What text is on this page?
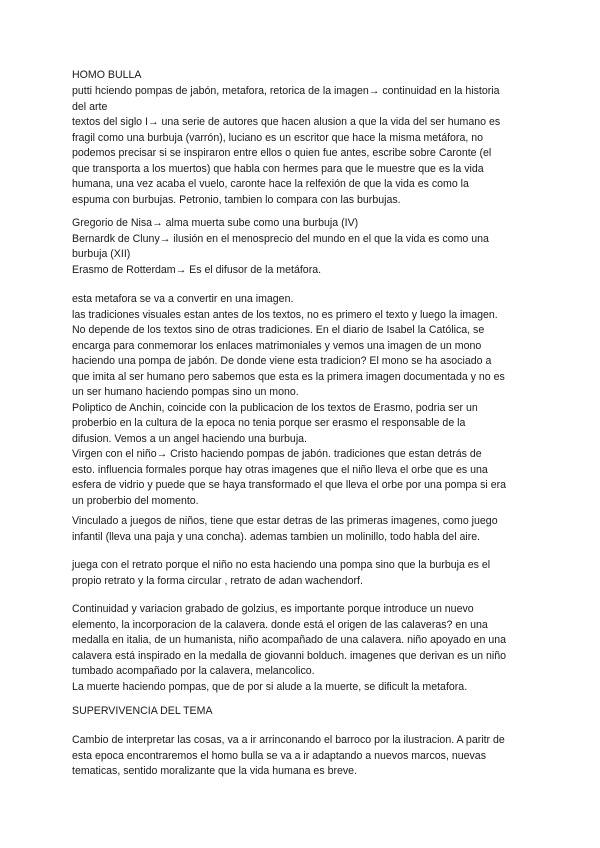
HOMO BULLA
putti hciendo pompas de jabón, metafora, retorica de la imagen→ continuidad en la historia
del arte
textos del siglo I→ una serie de autores que hacen alusion a que la vida del ser humano es
fragil como una burbuja (varrón), luciano es un escritor que hace la misma metáfora, no
podemos precisar si se inspiraron entre ellos o quien fue antes, escribe sobre Caronte (el
que transporta a los muertos) que habla con hermes para que le muestre que es la vida
humana, una vez acaba el vuelo, caronte hace la relfexión de que la vida es como la
espuma con burbujas. Petronio, tambien lo compara con las burbujas.
Gregorio de Nisa→ alma muerta sube como una burbuja (IV)
Bernardk de Cluny→ ilusión en el menosprecio del mundo en el que la vida es como una
burbuja (XII)
Erasmo de Rotterdam→ Es el difusor de la metáfora.
esta metafora se va a convertir en una imagen.
las tradiciones visuales estan antes de los textos, no es primero el texto y luego la imagen.
No depende de los textos sino de otras tradiciones. En el diario de Isabel la Católica, se
encarga para conmemorar los enlaces matrimoniales y vemos una imagen de un mono
haciendo una pompa de jabón. De donde viene esta tradicion? El mono se ha asociado a
que imita al ser humano pero sabemos que esta es la primera imagen documentada y no es
un ser humano haciendo pompas sino un mono.
Poliptico de Anchin, coincide con la publicacion de los textos de Erasmo, podria ser un
proberbio en la cultura de la epoca no tenia porque ser erasmo el responsable de la
difusion. Vemos a un angel haciendo una burbuja.
Virgen con el niño→ Cristo haciendo pompas de jabón. tradiciones que estan detrás de
esto. influencia formales porque hay otras imagenes que el niño lleva el orbe que es una
esfera de vidrio y puede que se haya transformado el que lleva el orbe por una pompa si era
un proberbio del momento.
Vinculado a juegos de niños, tiene que estar detras de las primeras imagenes, como juego
infantil (lleva una paja y una concha). ademas tambien un molinillo, todo habla del aire.
juega con el retrato porque el niño no esta haciendo una pompa sino que la burbuja es el
propio retrato y la forma circular , retrato de adan wachendorf.
Continuidad y variacion grabado de golzius, es importante porque introduce un nuevo
elemento, la incorporacion de la calavera. donde está el origen de las calaveras? en una
medalla en italia, de un humanista, niño acompañado de una calavera. niño apoyado en una
calavera está inspirado en la medalla de giovanni bolduch. imagenes que derivan es un niño
tumbado acompañado por la calavera, melancolico.
La muerte haciendo pompas, que de por si alude a la muerte, se dificult la metafora.
SUPERVIVENCIA DEL TEMA
Cambio de interpretar las cosas, va a ir arrinconando el barroco por la ilustracion. A paritr de
esta epoca encontraremos el homo bulla se va a ir adaptando a nuevos marcos, nuevas
tematicas, sentido moralizante que la vida humana es breve.
